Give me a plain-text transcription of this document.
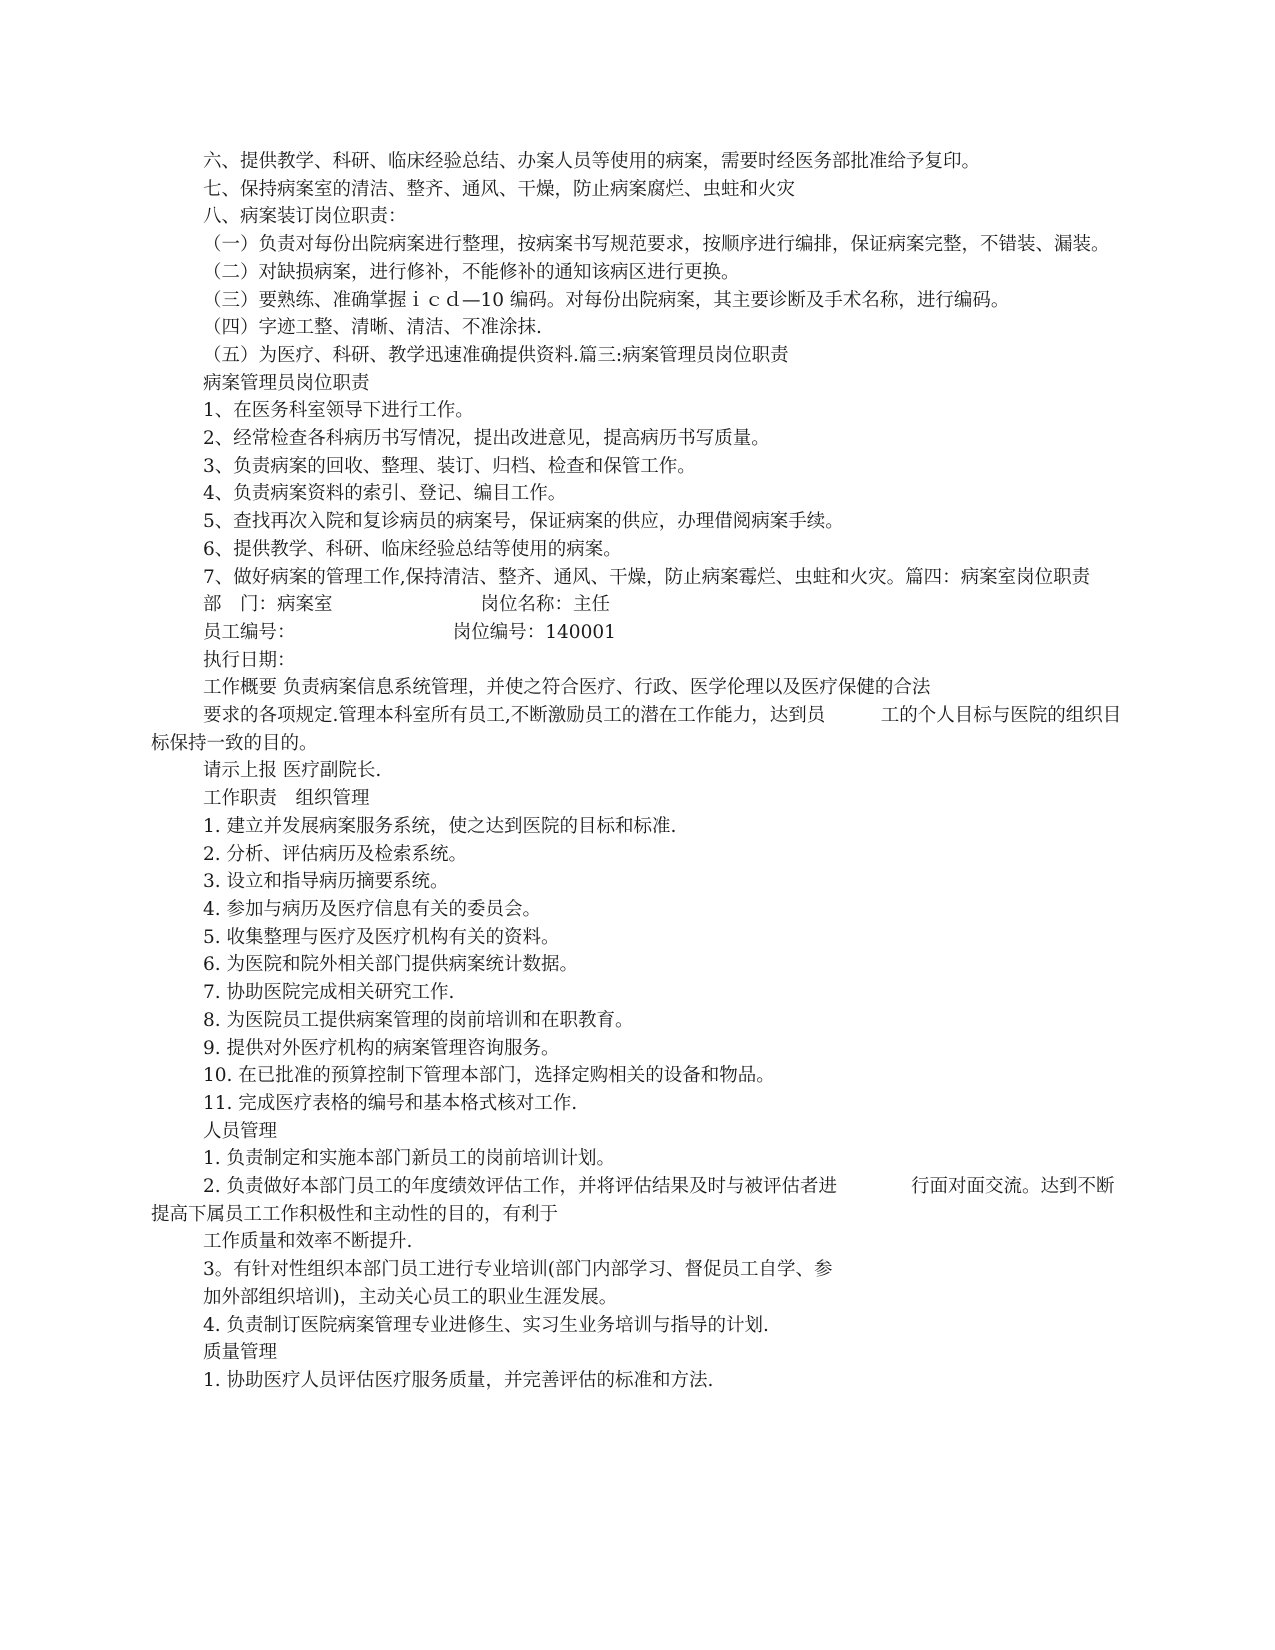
六、提供教学、科研、临床经验总结、办案人员等使用的病案，需要时经医务部批准给予复印。

七、保持病案室的清洁、整齐、通风、干燥，防止病案腐烂、虫蛀和火灾

八、病案装订岗位职责：

（一）负责对每份出院病案进行整理，按病案书写规范要求，按顺序进行编排，保证病案完整，不错装、漏装。

（二）对缺损病案，进行修补，不能修补的通知该病区进行更换。

（三）要熟练、准确掌握ｉｃｄ—10 编码。对每份出院病案，其主要诊断及手术名称，进行编码。

（四）字迹工整、清晰、清洁、不准涂抹.

（五）为医疗、科研、教学迅速准确提供资料.篇三:病案管理员岗位职责

病案管理员岗位职责

1、在医务科室领导下进行工作。

2、经常检查各科病历书写情况，提出改进意见，提高病历书写质量。

3、负责病案的回收、整理、装订、归档、检查和保管工作。

4、负责病案资料的索引、登记、编目工作。

5、查找再次入院和复诊病员的病案号，保证病案的供应，办理借阅病案手续。

6、提供教学、科研、临床经验总结等使用的病案。

7、做好病案的管理工作,保持清洁、整齐、通风、干燥，防止病案霉烂、虫蛀和火灾。篇四：病案室岗位职责

部　门：病案室　　　　　　　　岗位名称：主任

员工编号：　　　　　　　　　岗位编号：140001

执行日期：

工作概要 负责病案信息系统管理，并使之符合医疗、行政、医学伦理以及医疗保健的合法

要求的各项规定.管理本科室所有员工,不断激励员工的潜在工作能力，达到员　　　工的个人目标与医院的组织目标保持一致的目的。

请示上报 医疗副院长.

工作职责　组织管理

1. 建立并发展病案服务系统，使之达到医院的目标和标准.

2. 分析、评估病历及检索系统。

3. 设立和指导病历摘要系统。

4. 参加与病历及医疗信息有关的委员会。

5. 收集整理与医疗及医疗机构有关的资料。

6. 为医院和院外相关部门提供病案统计数据。

7. 协助医院完成相关研究工作.

8. 为医院员工提供病案管理的岗前培训和在职教育。

9. 提供对外医疗机构的病案管理咨询服务。

10. 在已批准的预算控制下管理本部门，选择定购相关的设备和物品。

11. 完成医疗表格的编号和基本格式核对工作.

人员管理

1. 负责制定和实施本部门新员工的岗前培训计划。

2. 负责做好本部门员工的年度绩效评估工作，并将评估结果及时与被评估者进　　　　行面对面交流。达到不断提高下属员工工作积极性和主动性的目的，有利于

工作质量和效率不断提升.

3。有针对性组织本部门员工进行专业培训(部门内部学习、督促员工自学、参

加外部组织培训)，主动关心员工的职业生涯发展。

4. 负责制订医院病案管理专业进修生、实习生业务培训与指导的计划.

质量管理

1. 协助医疗人员评估医疗服务质量，并完善评估的标准和方法.
